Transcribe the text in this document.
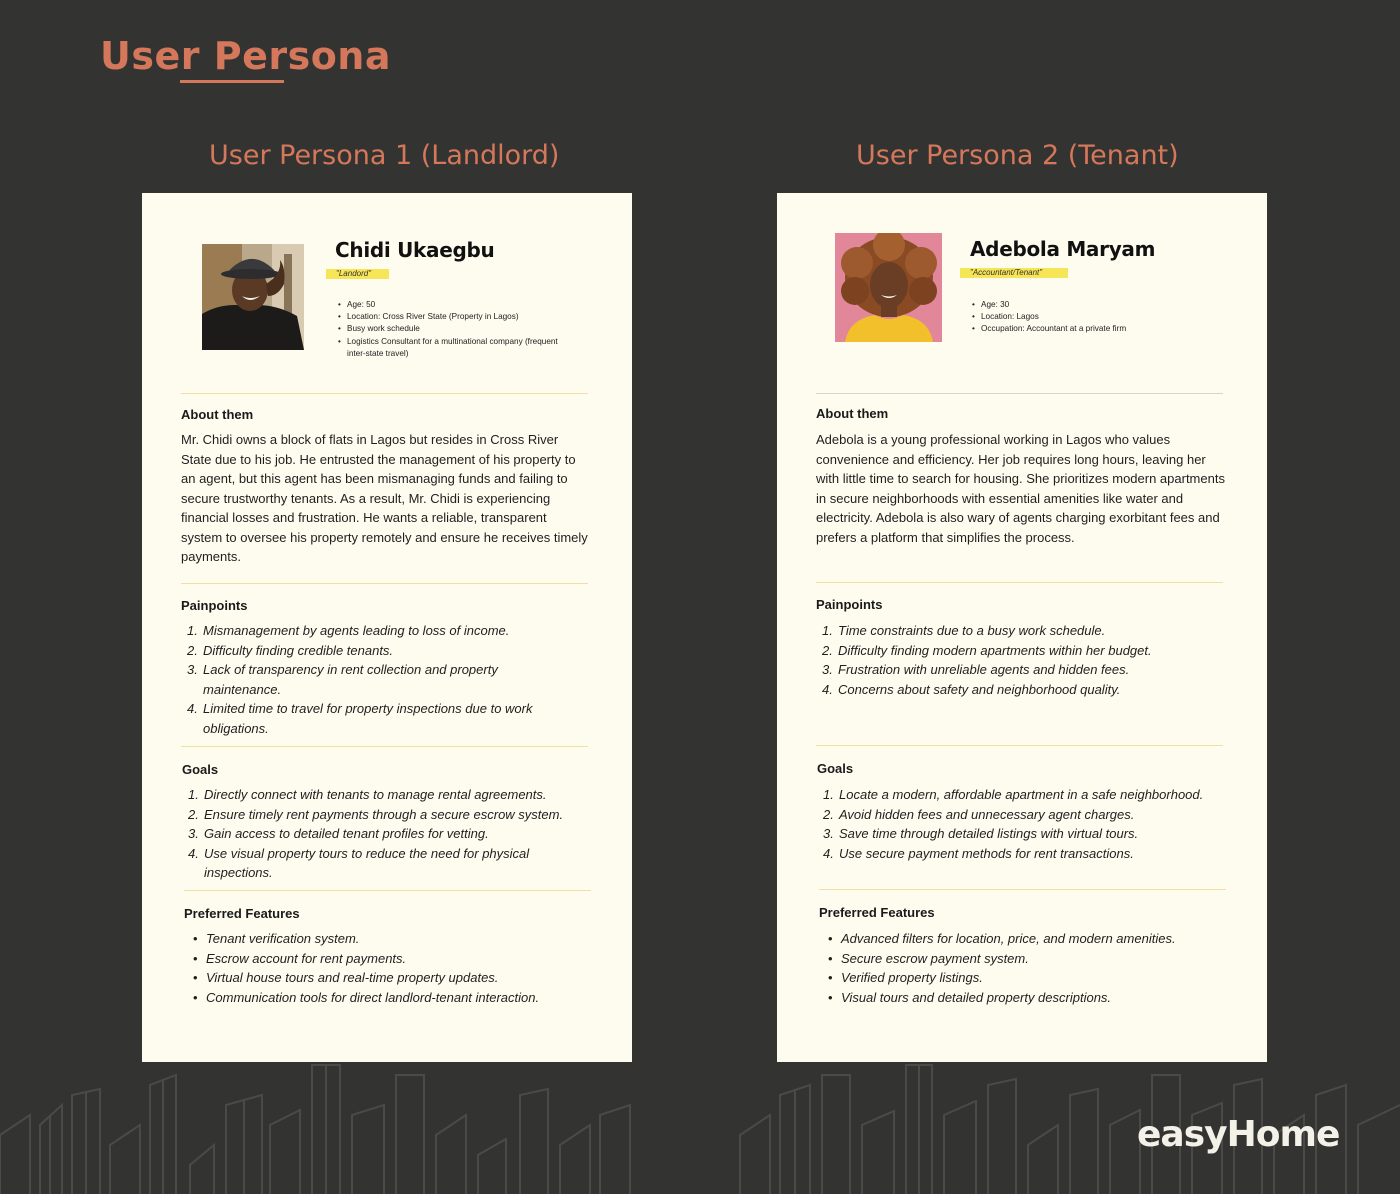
User Persona
User Persona 1 (Landlord)	User Persona 2 (Tenant)
Chidi Ukaegbu
"Landord"
• Age: 50
• Location: Cross River State (Property in Lagos)
• Busy work schedule
• Logistics Consultant for a multinational company (frequent inter-state travel)
About them
Mr. Chidi owns a block of flats in Lagos but resides in Cross River State due to his job. He entrusted the management of his property to an agent, but this agent has been mismanaging funds and failing to secure trustworthy tenants. As a result, Mr. Chidi is experiencing financial losses and frustration. He wants a reliable, transparent system to oversee his property remotely and ensure he receives timely payments.
Painpoints
1. Mismanagement by agents leading to loss of income.
2. Difficulty finding credible tenants.
3. Lack of transparency in rent collection and property maintenance.
4. Limited time to travel for property inspections due to work obligations.
Goals
1. Directly connect with tenants to manage rental agreements.
2. Ensure timely rent payments through a secure escrow system.
3. Gain access to detailed tenant profiles for vetting.
4. Use visual property tours to reduce the need for physical inspections.
Preferred Features
• Tenant verification system.
• Escrow account for rent payments.
• Virtual house tours and real-time property updates.
• Communication tools for direct landlord-tenant interaction.
Adebola Maryam
"Accountant/Tenant"
• Age: 30
• Location: Lagos
• Occupation: Accountant at a private firm
About them
Adebola is a young professional working in Lagos who values convenience and efficiency. Her job requires long hours, leaving her with little time to search for housing. She prioritizes modern apartments in secure neighborhoods with essential amenities like water and electricity. Adebola is also wary of agents charging exorbitant fees and prefers a platform that simplifies the process.
Painpoints
1. Time constraints due to a busy work schedule.
2. Difficulty finding modern apartments within her budget.
3. Frustration with unreliable agents and hidden fees.
4. Concerns about safety and neighborhood quality.
Goals
1. Locate a modern, affordable apartment in a safe neighborhood.
2. Avoid hidden fees and unnecessary agent charges.
3. Save time through detailed listings with virtual tours.
4. Use secure payment methods for rent transactions.
Preferred Features
• Advanced filters for location, price, and modern amenities.
• Secure escrow payment system.
• Verified property listings.
• Visual tours and detailed property descriptions.
easyHome
